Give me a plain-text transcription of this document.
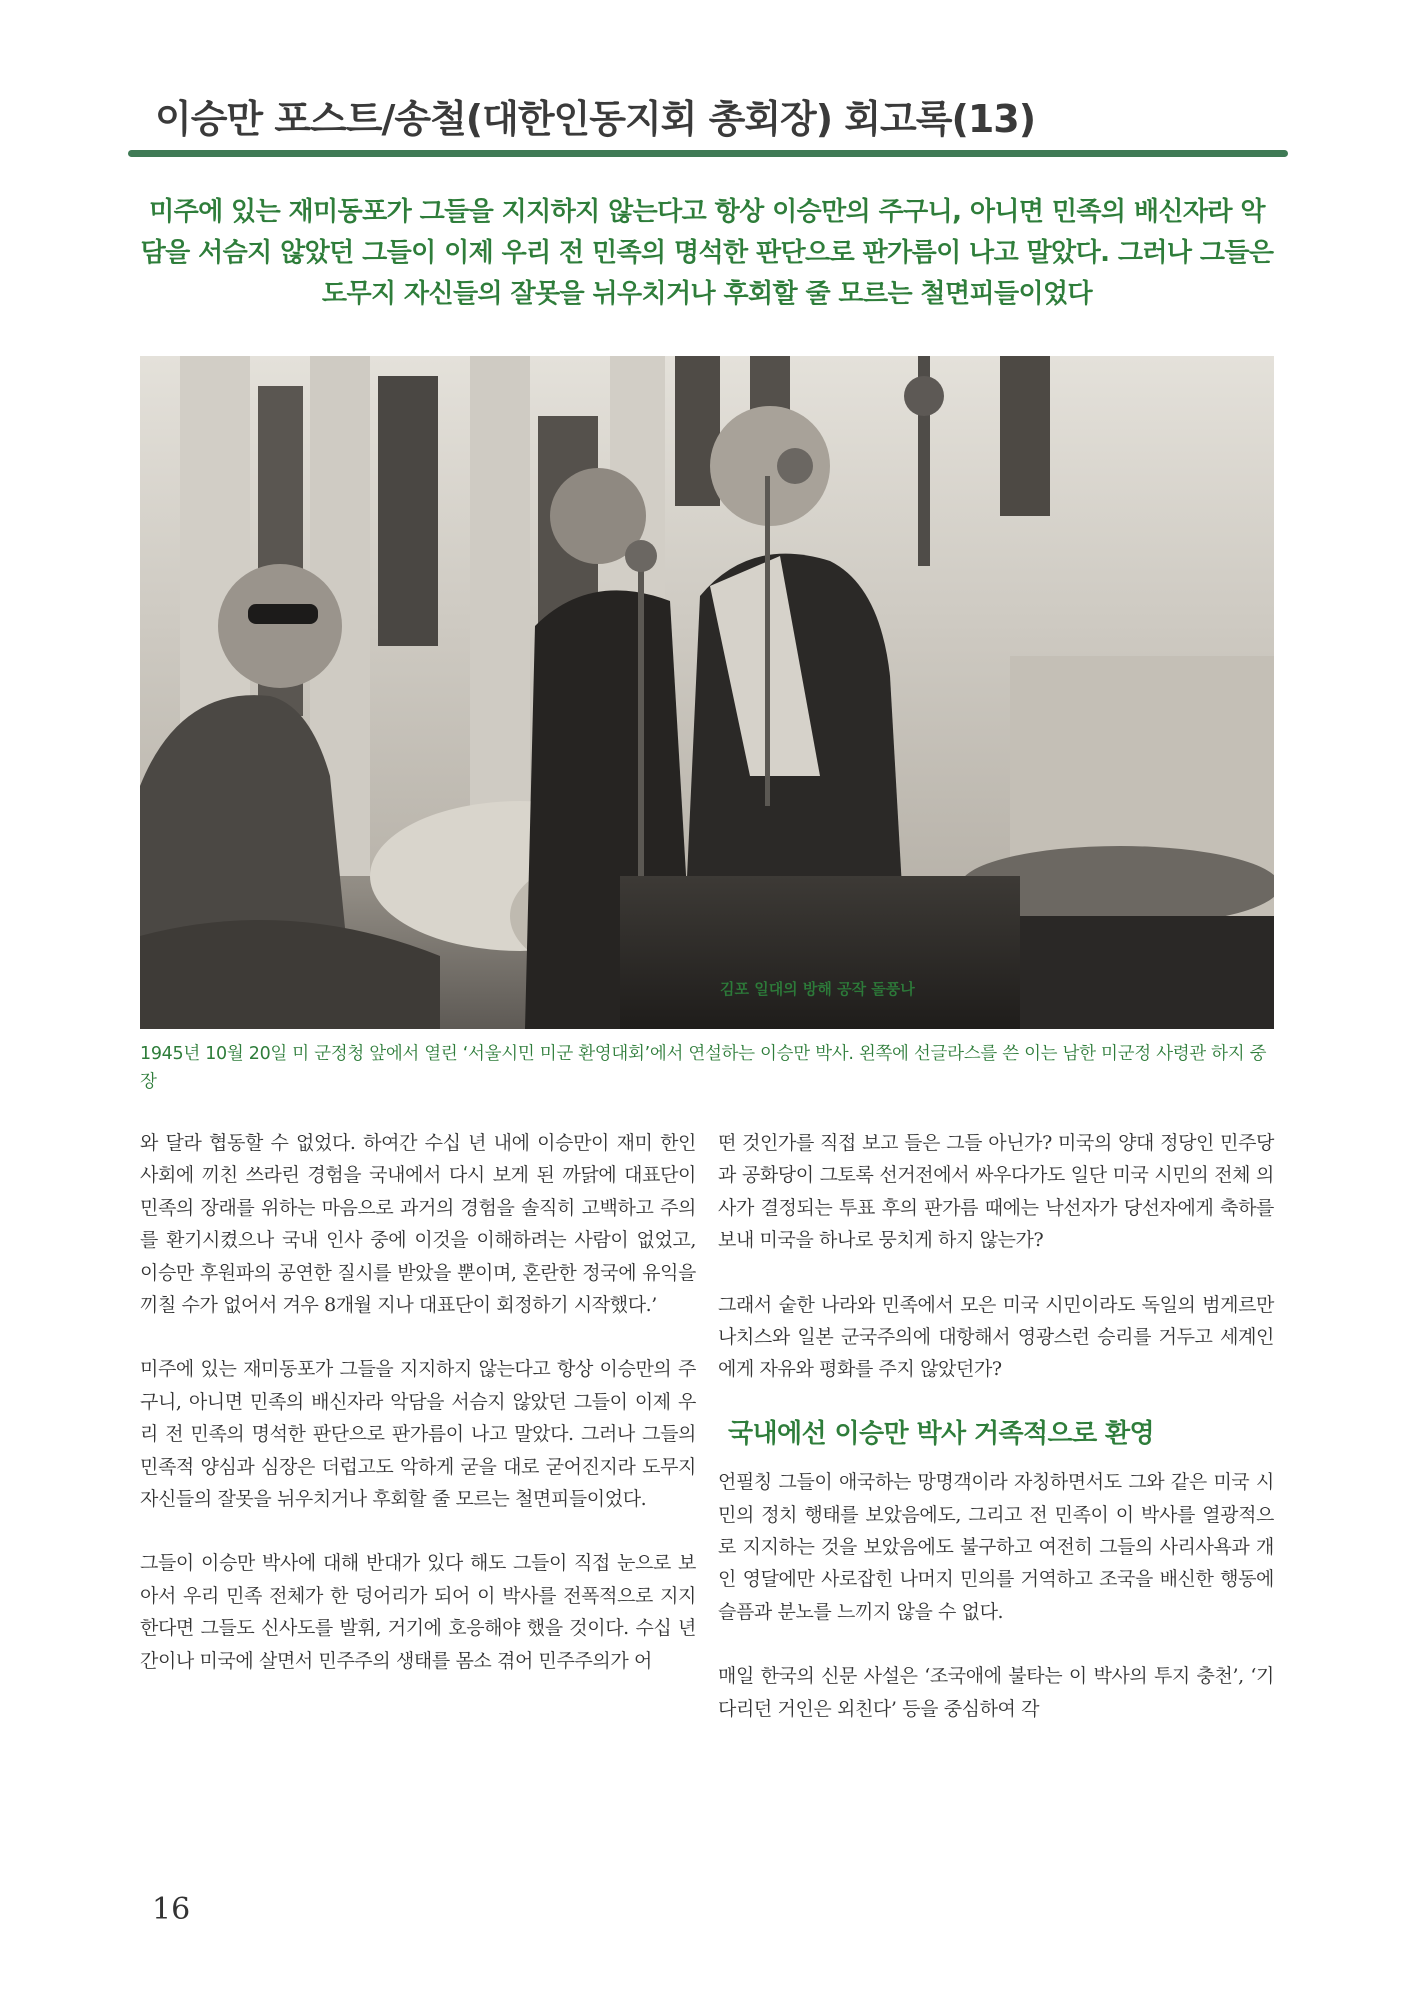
이승만 포스트/송철(대한인동지회 총회장) 회고록(13)
미주에 있는 재미동포가 그들을 지지하지 않는다고 항상 이승만의 주구니, 아니면 민족의 배신자라 악담을 서슴지 않았던 그들이 이제 우리 전 민족의 명석한 판단으로 판가름이 나고 말았다. 그러나 그들은 도무지 자신들의 잘못을 뉘우치거나 후회할 줄 모르는 철면피들이었다
김포 일대의 방해 공작 돌풍나
1945년 10월 20일 미 군정청 앞에서 열린 ‘서울시민 미군 환영대회’에서 연설하는 이승만 박사. 왼쪽에 선글라스를 쓴 이는 남한 미군정 사령관 하지 중장

와 달라 협동할 수 없었다. 하여간 수십 년 내에 이승만이 재미 한인 사회에 끼친 쓰라린 경험을 국내에서 다시 보게 된 까닭에 대표단이 민족의 장래를 위하는 마음으로 과거의 경험을 솔직히 고백하고 주의를 환기시켰으나 국내 인사 중에 이것을 이해하려는 사람이 없었고, 이승만 후원파의 공연한 질시를 받았을 뿐이며, 혼란한 정국에 유익을 끼칠 수가 없어서 겨우 8개월 지나 대표단이 회정하기 시작했다.’

미주에 있는 재미동포가 그들을 지지하지 않는다고 항상 이승만의 주구니, 아니면 민족의 배신자라 악담을 서슴지 않았던 그들이 이제 우리 전 민족의 명석한 판단으로 판가름이 나고 말았다. 그러나 그들의 민족적 양심과 심장은 더럽고도 악하게 굳을 대로 굳어진지라 도무지 자신들의 잘못을 뉘우치거나 후회할 줄 모르는 철면피들이었다.

그들이 이승만 박사에 대해 반대가 있다 해도 그들이 직접 눈으로 보아서 우리 민족 전체가 한 덩어리가 되어 이 박사를 전폭적으로 지지한다면 그들도 신사도를 발휘, 거기에 호응해야 했을 것이다. 수십 년 간이나 미국에 살면서 민주주의 생태를 몸소 겪어 민주주의가 어

떤 것인가를 직접 보고 들은 그들 아닌가? 미국의 양대 정당인 민주당과 공화당이 그토록 선거전에서 싸우다가도 일단 미국 시민의 전체 의사가 결정되는 투표 후의 판가름 때에는 낙선자가 당선자에게 축하를 보내 미국을 하나로 뭉치게 하지 않는가?

그래서 숱한 나라와 민족에서 모은 미국 시민이라도 독일의 범게르만 나치스와 일본 군국주의에 대항해서 영광스런 승리를 거두고 세계인에게 자유와 평화를 주지 않았던가?

국내에선 이승만 박사 거족적으로 환영

언필칭 그들이 애국하는 망명객이라 자칭하면서도 그와 같은 미국 시민의 정치 행태를 보았음에도, 그리고 전 민족이 이 박사를 열광적으로 지지하는 것을 보았음에도 불구하고 여전히 그들의 사리사욕과 개인 영달에만 사로잡힌 나머지 민의를 거역하고 조국을 배신한 행동에 슬픔과 분노를 느끼지 않을 수 없다.

매일 한국의 신문 사설은 ‘조국애에 불타는 이 박사의 투지 충천’, ‘기다리던 거인은 외친다’ 등을 중심하여 각

16
